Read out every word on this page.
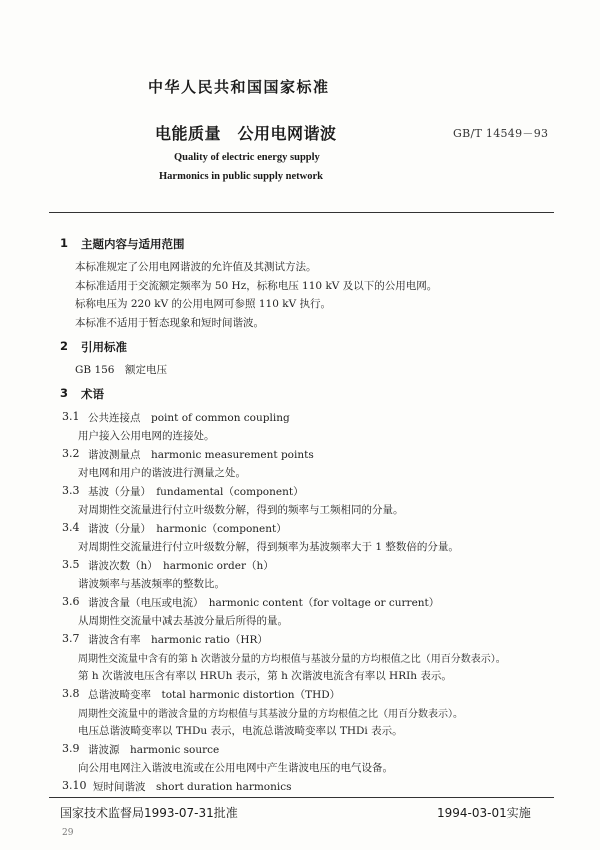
中华人民共和国国家标准
电能质量　公用电网谐波	GB/T 14549－93
Quality of electric energy supply
Harmonics in public supply network
1 主题内容与适用范围
本标准规定了公用电网谐波的允许值及其测试方法。
本标准适用于交流额定频率为 50 Hz，标称电压 110 kV 及以下的公用电网。
标称电压为 220 kV 的公用电网可参照 110 kV 执行。
本标准不适用于暂态现象和短时间谐波。
2 引用标准
GB 156　额定电压
3 术语
3.1 公共连接点　point of common coupling
用户接入公用电网的连接处。
3.2 谐波测量点　harmonic measurement points
对电网和用户的谐波进行测量之处。
3.3 基波（分量）　fundamental（component）
对周期性交流量进行付立叶级数分解，得到的频率与工频相同的分量。
3.4 谐波（分量）　harmonic（component）
对周期性交流量进行付立叶级数分解，得到频率为基波频率大于 1 整数倍的分量。
3.5 谐波次数（h）　harmonic order（h）
谐波频率与基波频率的整数比。
3.6 谐波含量（电压或电流）　harmonic content（for voltage or current）
从周期性交流量中减去基波分量后所得的量。
3.7 谐波含有率　harmonic ratio（HR）
周期性交流量中含有的第 h 次谐波分量的方均根值与基波分量的方均根值之比（用百分数表示）。
第 h 次谐波电压含有率以 HRUh 表示，第 h 次谐波电流含有率以 HRIh 表示。
3.8 总谐波畸变率　total harmonic distortion（THD）
周期性交流量中的谐波含量的方均根值与其基波分量的方均根值之比（用百分数表示）。
电压总谐波畸变率以 THDu 表示，电流总谐波畸变率以 THDi 表示。
3.9 谐波源　harmonic source
向公用电网注入谐波电流或在公用电网中产生谐波电压的电气设备。
3.10 短时间谐波　short duration harmonics
国家技术监督局1993-07-31批准	1994-03-01实施
29
